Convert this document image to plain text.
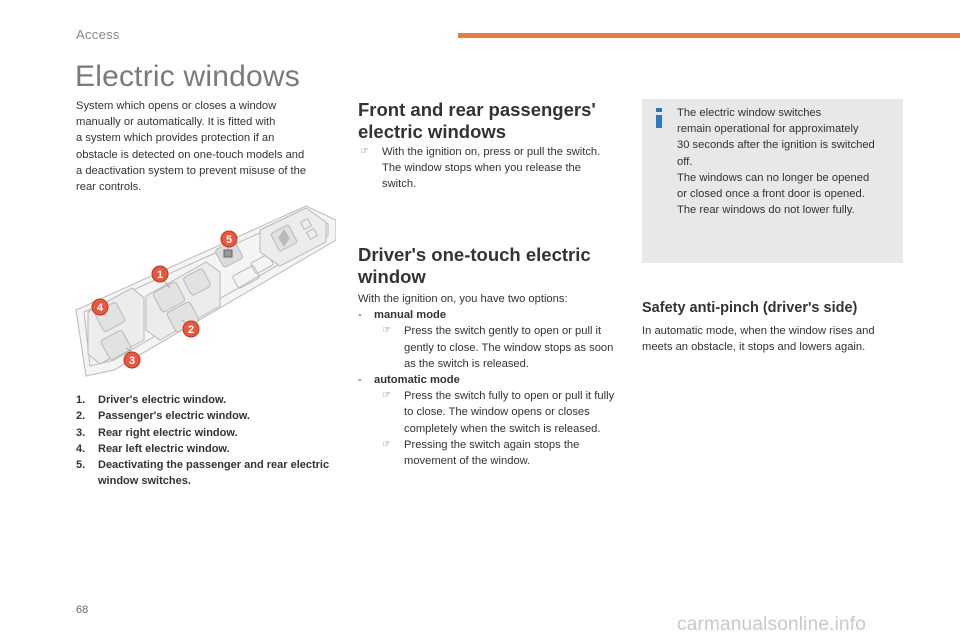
Access
Electric windows
System which opens or closes a window
manually or automatically. It is fitted with
a system which provides protection if an
obstacle is detected on one-touch models and
a deactivation system to prevent misuse of the
rear controls.
4
3
1
2
5
1.	Driver's electric window.
2.	Passenger's electric window.
3.	Rear right electric window.
4.	Rear left electric window.
5.	Deactivating the passenger and rear electric window switches.
Front and rear passengers' electric windows
☞	With the ignition on, press or pull the switch. The window stops when you release the switch.
Driver's one-touch electric window
With the ignition on, you have two options:
-	manual mode
☞	Press the switch gently to open or pull it gently to close. The window stops as soon as the switch is released.
-	automatic mode
☞	Press the switch fully to open or pull it fully to close. The window opens or closes completely when the switch is released.
☞	Pressing the switch again stops the movement of the window.
The electric window switches
remain operational for approximately
30 seconds after the ignition is switched
off.
The windows can no longer be opened
or closed once a front door is opened.
The rear windows do not lower fully.
Safety anti-pinch (driver's side)
In automatic mode, when the window rises and meets an obstacle, it stops and lowers again.
68
carmanualsonline.info
